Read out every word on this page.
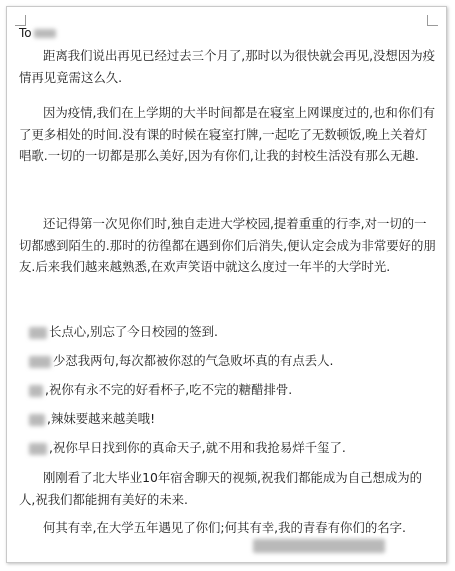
To

距离我们说出再见已经过去三个月了,那时以为很快就会再见,没想因为疫情再见竟需这么久.

因为疫情,我们在上学期的大半时间都是在寝室上网课度过的,也和你们有了更多相处的时间.没有课的时候在寝室打牌,一起吃了无数顿饭,晚上关着灯唱歌.一切的一切都是那么美好,因为有你们,让我的封校生活没有那么无趣.

还记得第一次见你们时,独自走进大学校园,提着重重的行李,对一切的一切都感到陌生的.那时的彷徨都在遇到你们后消失,便认定会成为非常要好的朋友.后来我们越来越熟悉,在欢声笑语中就这么度过一年半的大学时光.

长点心,别忘了今日校园的签到.
少怼我两句,每次都被你怼的气急败坏真的有点丢人.
,祝你有永不完的好看杯子,吃不完的糖醋排骨.
,辣妹要越来越美哦!
,祝你早日找到你的真命天子,就不用和我抢易烊千玺了.

刚刚看了北大毕业10年宿舍聊天的视频,祝我们都能成为自己想成为的人,祝我们都能拥有美好的未来.

何其有幸,在大学五年遇见了你们;何其有幸,我的青春有你们的名字.
